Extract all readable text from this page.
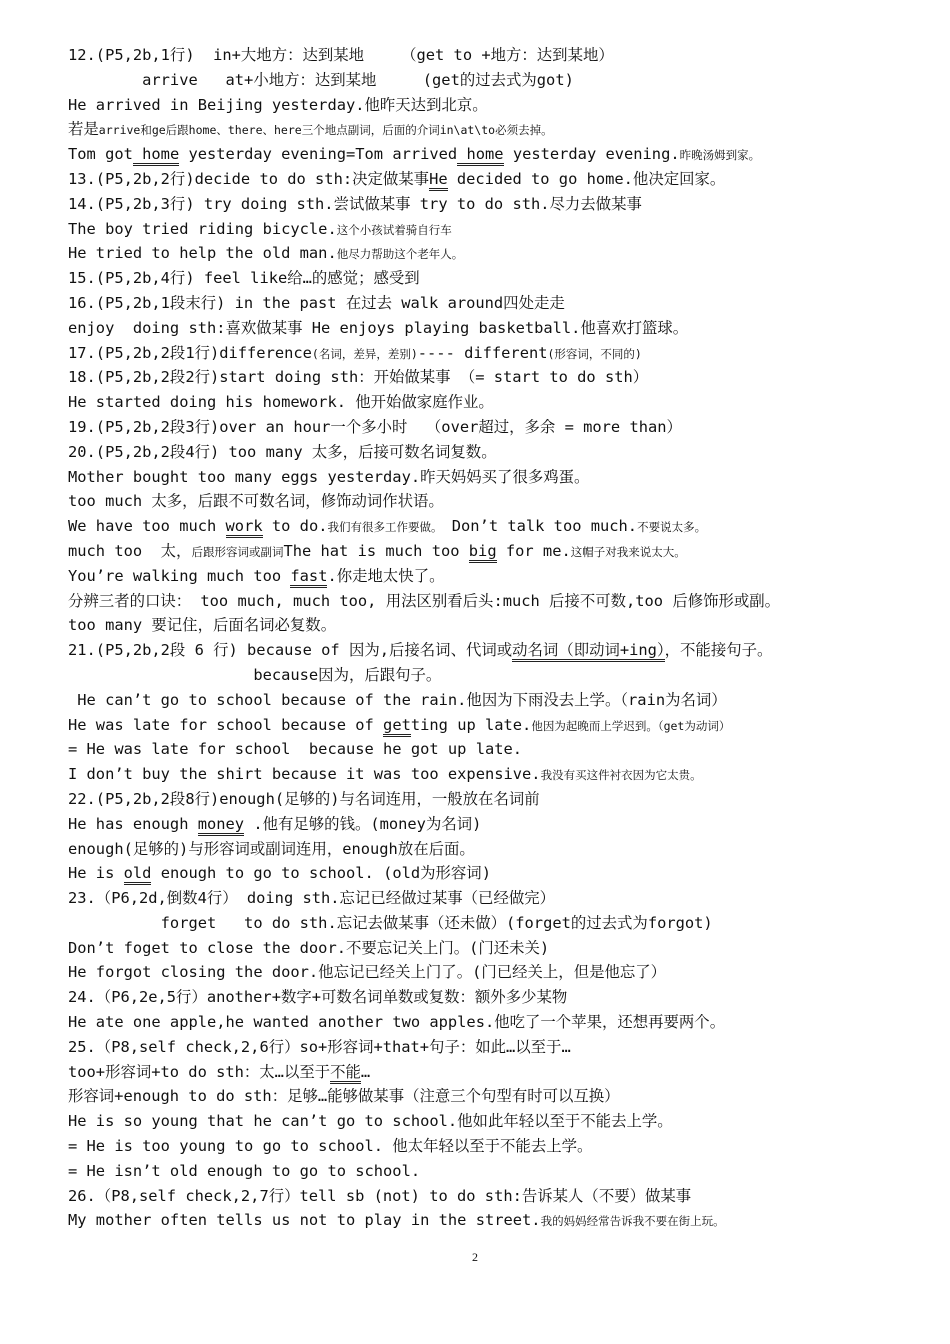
12.(P5,2b,1行)  in+大地方：达到某地    （get to +地方：达到某地）
arrive   at+小地方：达到某地     (get的过去式为got)
He arrived in Beijing yesterday.他昨天达到北京。
若是arrive和ge后跟home、there、here三个地点副词，后面的介词in\at\to必须去掉。
Tom got home yesterday evening=Tom arrived home yesterday evening.昨晚汤姆到家。
13.(P5,2b,2行)decide to do sth:决定做某事He decided to go home.他决定回家。
14.(P5,2b,3行) try doing sth.尝试做某事 try to do sth.尽力去做某事
The boy tried riding bicycle.这个小孩试着骑自行车
He tried to help the old man.他尽力帮助这个老年人。
15.(P5,2b,4行) feel like给…的感觉；感受到
16.(P5,2b,1段末行) in the past 在过去 walk around四处走走
enjoy  doing sth:喜欢做某事 He enjoys playing basketball.他喜欢打篮球。
17.(P5,2b,2段1行)difference(名词，差异，差别)---- different(形容词，不同的)
18.(P5,2b,2段2行)start doing sth：开始做某事 （= start to do sth）
He started doing his homework. 他开始做家庭作业。
19.(P5,2b,2段3行)over an hour一个多小时  （over超过，多余 = more than）
20.(P5,2b,2段4行) too many 太多，后接可数名词复数。
Mother bought too many eggs yesterday.昨天妈妈买了很多鸡蛋。
too much 太多，后跟不可数名词，修饰动词作状语。
We have too much work to do.我们有很多工作要做。 Don’t talk too much.不要说太多。
much too  太，后跟形容词或副词The hat is much too big for me.这帽子对我来说太大。
You’re walking much too fast.你走地太快了。
分辨三者的口诀： too much, much too, 用法区别看后头:much 后接不可数,too 后修饰形或副。
too many 要记住，后面名词必复数。
21.(P5,2b,2段 6 行) because of 因为,后接名词、代词或动名词（即动词+ing），不能接句子。
because因为，后跟句子。
He can’t go to school because of the rain.他因为下雨没去上学。（rain为名词）
He was late for school because of getting up late.他因为起晚而上学迟到。（get为动词）
= He was late for school  because he got up late.
I don’t buy the shirt because it was too expensive.我没有买这件衬衣因为它太贵。
22.(P5,2b,2段8行)enough(足够的)与名词连用，一般放在名词前
He has enough money .他有足够的钱。(money为名词)
enough(足够的)与形容词或副词连用，enough放在后面。
He is old enough to go to school. (old为形容词)
23.（P6,2d,倒数4行） doing sth.忘记已经做过某事（已经做完）
forget   to do sth.忘记去做某事（还未做）(forget的过去式为forgot)
Don’t foget to close the door.不要忘记关上门。(门还未关)
He forgot closing the door.他忘记已经关上门了。(门已经关上，但是他忘了）
24.（P6,2e,5行）another+数字+可数名词单数或复数：额外多少某物
He ate one apple,he wanted another two apples.他吃了一个苹果，还想再要两个。
25.（P8,self check,2,6行）so+形容词+that+句子：如此…以至于…
too+形容词+to do sth：太…以至于不能…
形容词+enough to do sth：足够…能够做某事（注意三个句型有时可以互换）
He is so young that he can’t go to school.他如此年轻以至于不能去上学。
= He is too young to go to school. 他太年轻以至于不能去上学。
= He isn’t old enough to go to school.
26.（P8,self check,2,7行）tell sb (not) to do sth:告诉某人（不要）做某事
My mother often tells us not to play in the street.我的妈妈经常告诉我不要在街上玩。
2
